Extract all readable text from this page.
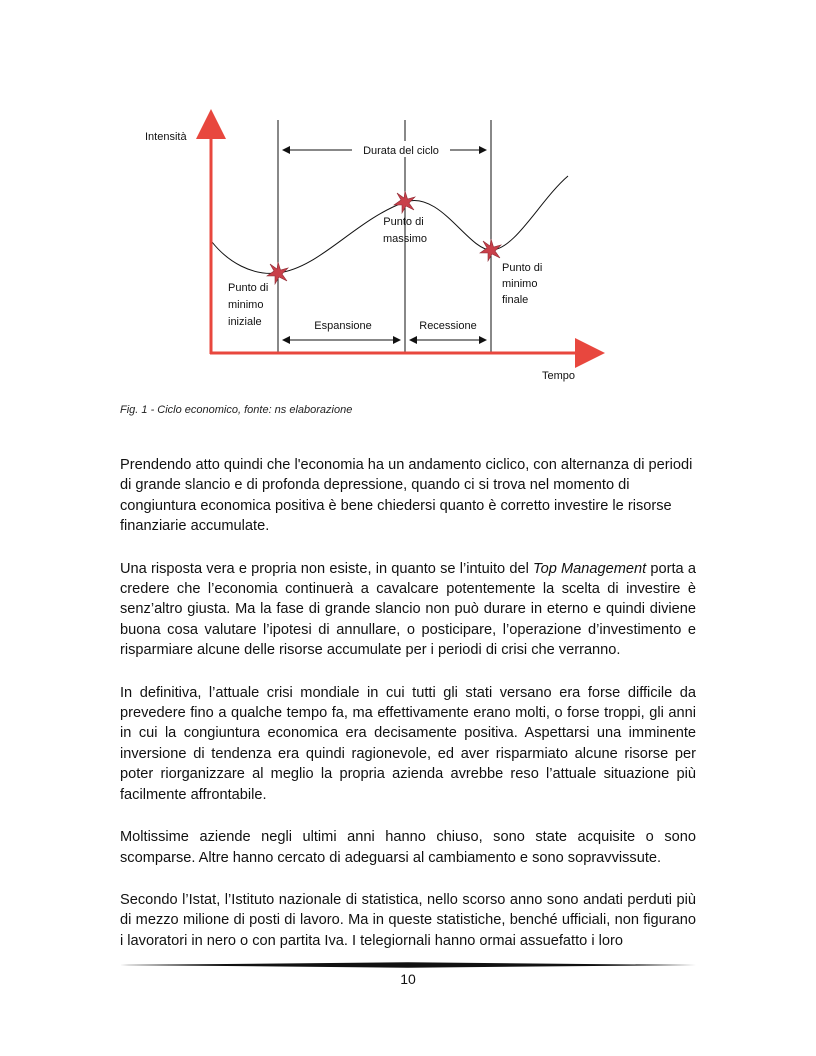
Durata del ciclo
Espansione	Recessione
Intensità
Tempo
Punto di massimo
Punto di minimo iniziale
Punto di minimo finale
Fig. 1 - Ciclo economico, fonte: ns elaborazione

Prendendo atto quindi che l'economia ha un andamento ciclico, con alternanza di periodi di grande slancio e di profonda depressione, quando ci si trova nel momento di congiuntura economica positiva è bene chiedersi quanto è corretto investire le risorse finanziarie accumulate.

Una risposta vera e propria non esiste, in quanto se l’intuito del Top Management porta a credere che l’economia continuerà a cavalcare potentemente la scelta di investire è senz’altro giusta. Ma la fase di grande slancio non può durare in eterno e quindi diviene buona cosa valutare l’ipotesi di annullare, o posticipare, l’operazione d’investimento e risparmiare alcune delle risorse accumulate per i periodi di crisi che verranno.

In definitiva, l’attuale crisi mondiale in cui tutti gli stati versano era forse difficile da prevedere fino a qualche tempo fa, ma effettivamente erano molti, o forse troppi, gli anni in cui la congiuntura economica era decisamente positiva. Aspettarsi una imminente inversione di tendenza era quindi ragionevole, ed aver risparmiato alcune risorse per poter riorganizzare al meglio la propria azienda avrebbe reso l’attuale situazione più facilmente affrontabile.

Moltissime aziende negli ultimi anni hanno chiuso, sono state acquisite o sono scomparse. Altre hanno cercato di adeguarsi al cambiamento e sono sopravvissute.

Secondo l’Istat, l’Istituto nazionale di statistica, nello scorso anno sono andati perduti più di mezzo milione di posti di lavoro. Ma in queste statistiche, benché ufficiali, non figurano i lavoratori in nero o con partita Iva. I telegiornali hanno ormai assuefatto i loro

10
